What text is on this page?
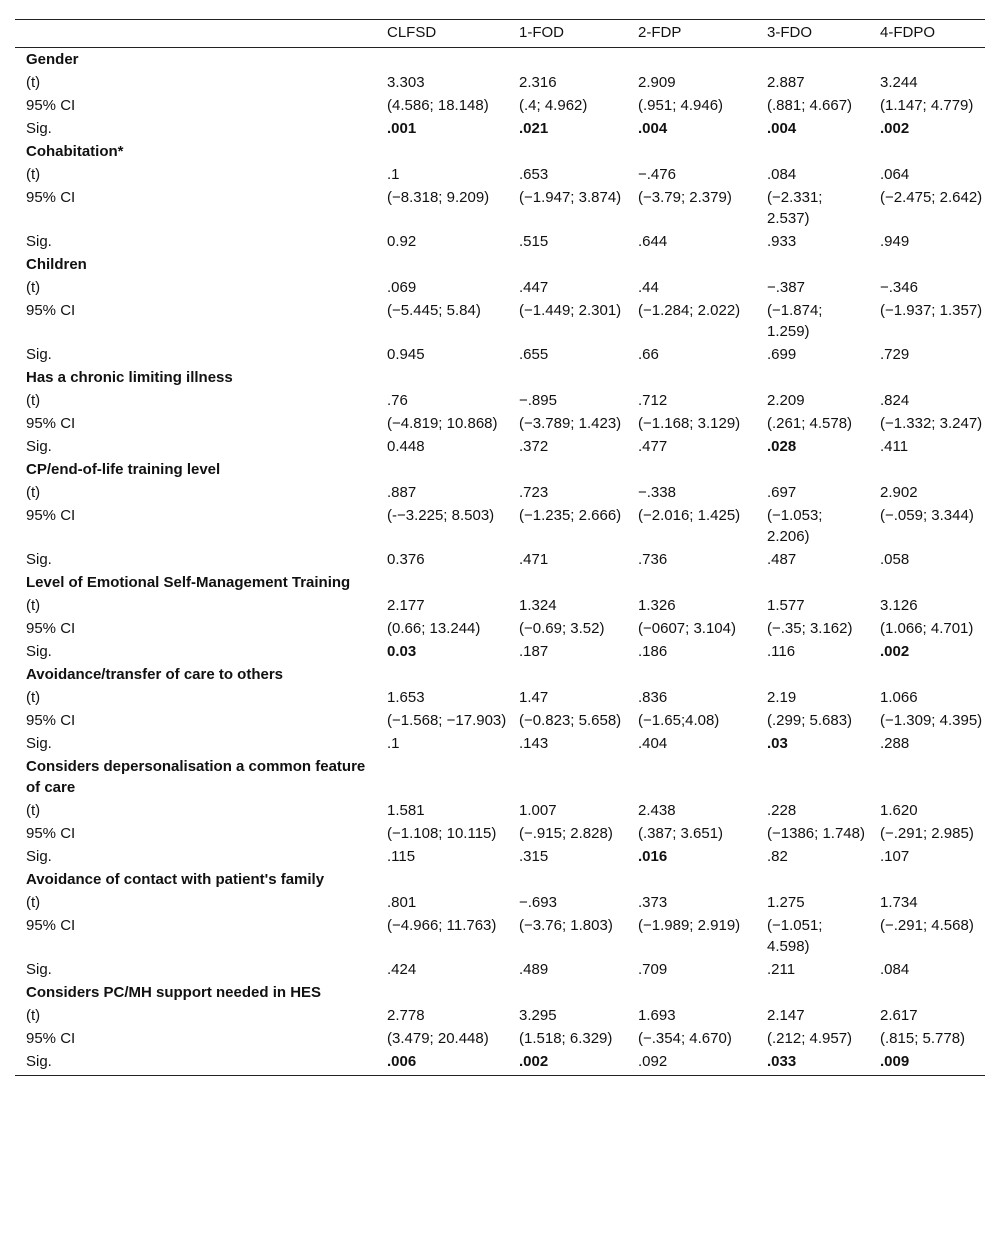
	CLFSD	1-FOD	2-FDP	3-FDO	4-FDPO
Gender					
(t)	3.303	2.316	2.909	2.887	3.244
95% CI	(4.586; 18.148)	(.4; 4.962)	(.951; 4.946)	(.881; 4.667)	(1.147; 4.779)
Sig.	.001	.021	.004	.004	.002
Cohabitation*					
(t)	.1	.653	−.476	.084	.064
95% CI	(−8.318; 9.209)	(−1.947; 3.874)	(−3.79; 2.379)	(−2.331; 2.537)	(−2.475; 2.642)
Sig.	0.92	.515	.644	.933	.949
Children					
(t)	.069	.447	.44	−.387	−.346
95% CI	(−5.445; 5.84)	(−1.449; 2.301)	(−1.284; 2.022)	(−1.874; 1.259)	(−1.937; 1.357)
Sig.	0.945	.655	.66	.699	.729
Has a chronic limiting illness					
(t)	.76	−.895	.712	2.209	.824
95% CI	(−4.819; 10.868)	(−3.789; 1.423)	(−1.168; 3.129)	(.261; 4.578)	(−1.332; 3.247)
Sig.	0.448	.372	.477	.028	.411
CP/end-of-life training level					
(t)	.887	.723	−.338	.697	2.902
95% CI	(-−3.225; 8.503)	(−1.235; 2.666)	(−2.016; 1.425)	(−1.053; 2.206)	(−.059; 3.344)
Sig.	0.376	.471	.736	.487	.058
Level of Emotional Self-Management Training					
(t)	2.177	1.324	1.326	1.577	3.126
95% CI	(0.66; 13.244)	(−0.69; 3.52)	(−0607; 3.104)	(−.35; 3.162)	(1.066; 4.701)
Sig.	0.03	.187	.186	.116	.002
Avoidance/transfer of care to others					
(t)	1.653	1.47	.836	2.19	1.066
95% CI	(−1.568; −17.903)	(−0.823; 5.658)	(−1.65;4.08)	(.299; 5.683)	(−1.309; 4.395)
Sig.	.1	.143	.404	.03	.288
Considers depersonalisation a common feature of care					
(t)	1.581	1.007	2.438	.228	1.620
95% CI	(−1.108; 10.115)	(−.915; 2.828)	(.387; 3.651)	(−1386; 1.748)	(−.291; 2.985)
Sig.	.115	.315	.016	.82	.107
Avoidance of contact with patient's family					
(t)	.801	−.693	.373	1.275	1.734
95% CI	(−4.966; 11.763)	(−3.76; 1.803)	(−1.989; 2.919)	(−1.051; 4.598)	(−.291; 4.568)
Sig.	.424	.489	.709	.211	.084
Considers PC/MH support needed in HES					
(t)	2.778	3.295	1.693	2.147	2.617
95% CI	(3.479; 20.448)	(1.518; 6.329)	(−.354; 4.670)	(.212; 4.957)	(.815; 5.778)
Sig.	.006	.002	.092	.033	.009
